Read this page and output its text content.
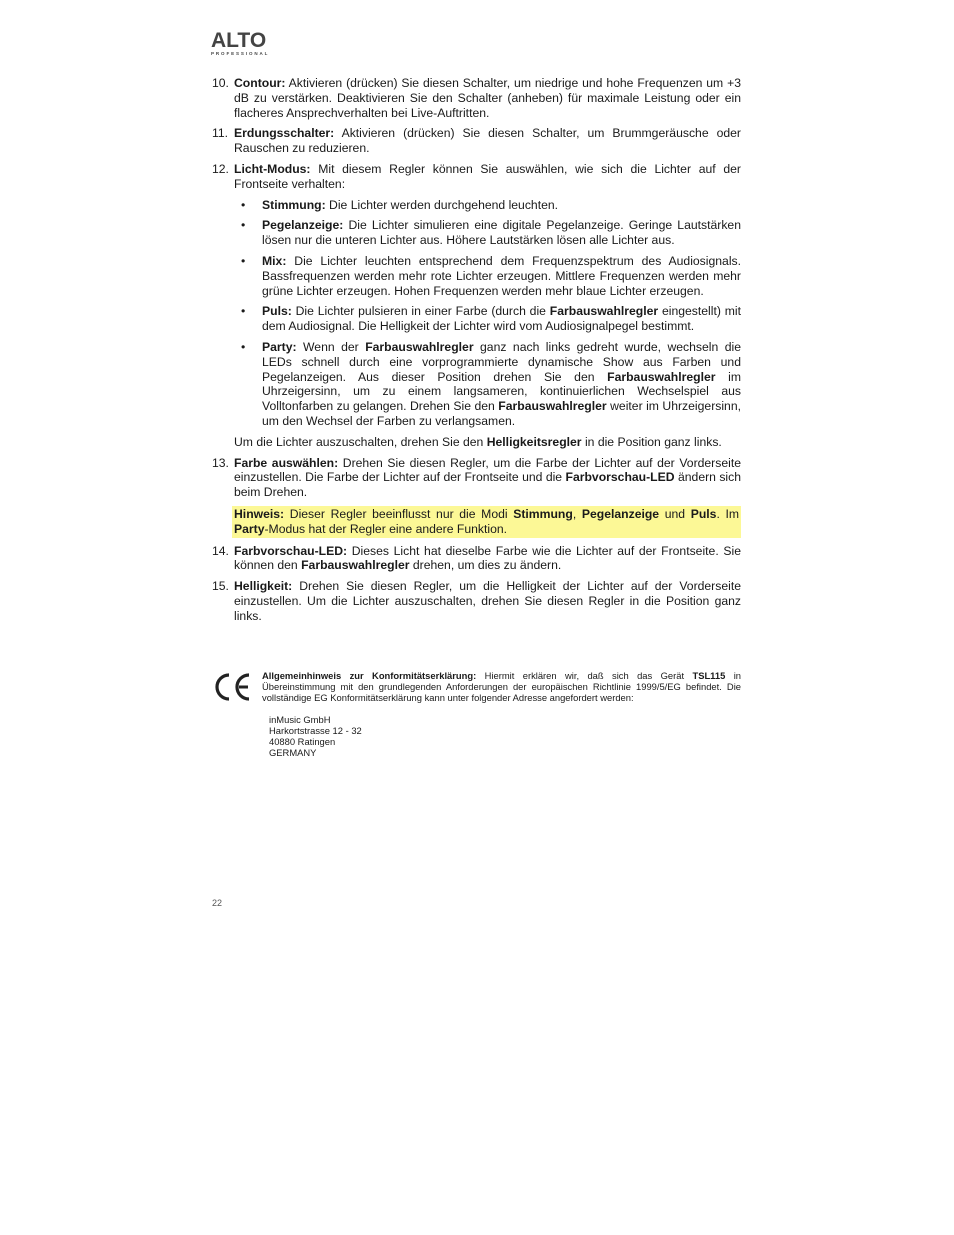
ALTO
PROFESSIONAL
10. Contour: Aktivieren (drücken) Sie diesen Schalter, um niedrige und hohe Frequenzen um +3 dB zu verstärken. Deaktivieren Sie den Schalter (anheben) für maximale Leistung oder ein flacheres Ansprechverhalten bei Live-Auftritten.
11. Erdungsschalter: Aktivieren (drücken) Sie diesen Schalter, um Brummgeräusche oder Rauschen zu reduzieren.
12. Licht-Modus: Mit diesem Regler können Sie auswählen, wie sich die Lichter auf der Frontseite verhalten:
• Stimmung: Die Lichter werden durchgehend leuchten.
• Pegelanzeige: Die Lichter simulieren eine digitale Pegelanzeige. Geringe Lautstärken lösen nur die unteren Lichter aus. Höhere Lautstärken lösen alle Lichter aus.
• Mix: Die Lichter leuchten entsprechend dem Frequenzspektrum des Audiosignals. Bassfrequenzen werden mehr rote Lichter erzeugen. Mittlere Frequenzen werden mehr grüne Lichter erzeugen. Hohen Frequenzen werden mehr blaue Lichter erzeugen.
• Puls: Die Lichter pulsieren in einer Farbe (durch die Farbauswahlregler eingestellt) mit dem Audiosignal. Die Helligkeit der Lichter wird vom Audiosignalpegel bestimmt.
• Party: Wenn der Farbauswahlregler ganz nach links gedreht wurde, wechseln die LEDs schnell durch eine vorprogrammierte dynamische Show aus Farben und Pegelanzeigen. Aus dieser Position drehen Sie den Farbauswahlregler im Uhrzeigersinn, um zu einem langsameren, kontinuierlichen Wechselspiel aus Volltonfarben zu gelangen. Drehen Sie den Farbauswahlregler weiter im Uhrzeigersinn, um den Wechsel der Farben zu verlangsamen.
Um die Lichter auszuschalten, drehen Sie den Helligkeitsregler in die Position ganz links.
13. Farbe auswählen: Drehen Sie diesen Regler, um die Farbe der Lichter auf der Vorderseite einzustellen. Die Farbe der Lichter auf der Frontseite und die Farbvorschau-LED ändern sich beim Drehen.
Hinweis: Dieser Regler beeinflusst nur die Modi Stimmung, Pegelanzeige und Puls. Im Party-Modus hat der Regler eine andere Funktion.
14. Farbvorschau-LED: Dieses Licht hat dieselbe Farbe wie die Lichter auf der Frontseite. Sie können den Farbauswahlregler drehen, um dies zu ändern.
15. Helligkeit: Drehen Sie diesen Regler, um die Helligkeit der Lichter auf der Vorderseite einzustellen. Um die Lichter auszuschalten, drehen Sie diesen Regler in die Position ganz links.
Allgemeinhinweis zur Konformitätserklärung: Hiermit erklären wir, daß sich das Gerät TSL115 in Übereinstimmung mit den grundlegenden Anforderungen der europäischen Richtlinie 1999/5/EG befindet. Die vollständige EG Konformitätserklärung kann unter folgender Adresse angefordert werden:
inMusic GmbH
Harkortstrasse 12 - 32
40880 Ratingen
GERMANY
22
